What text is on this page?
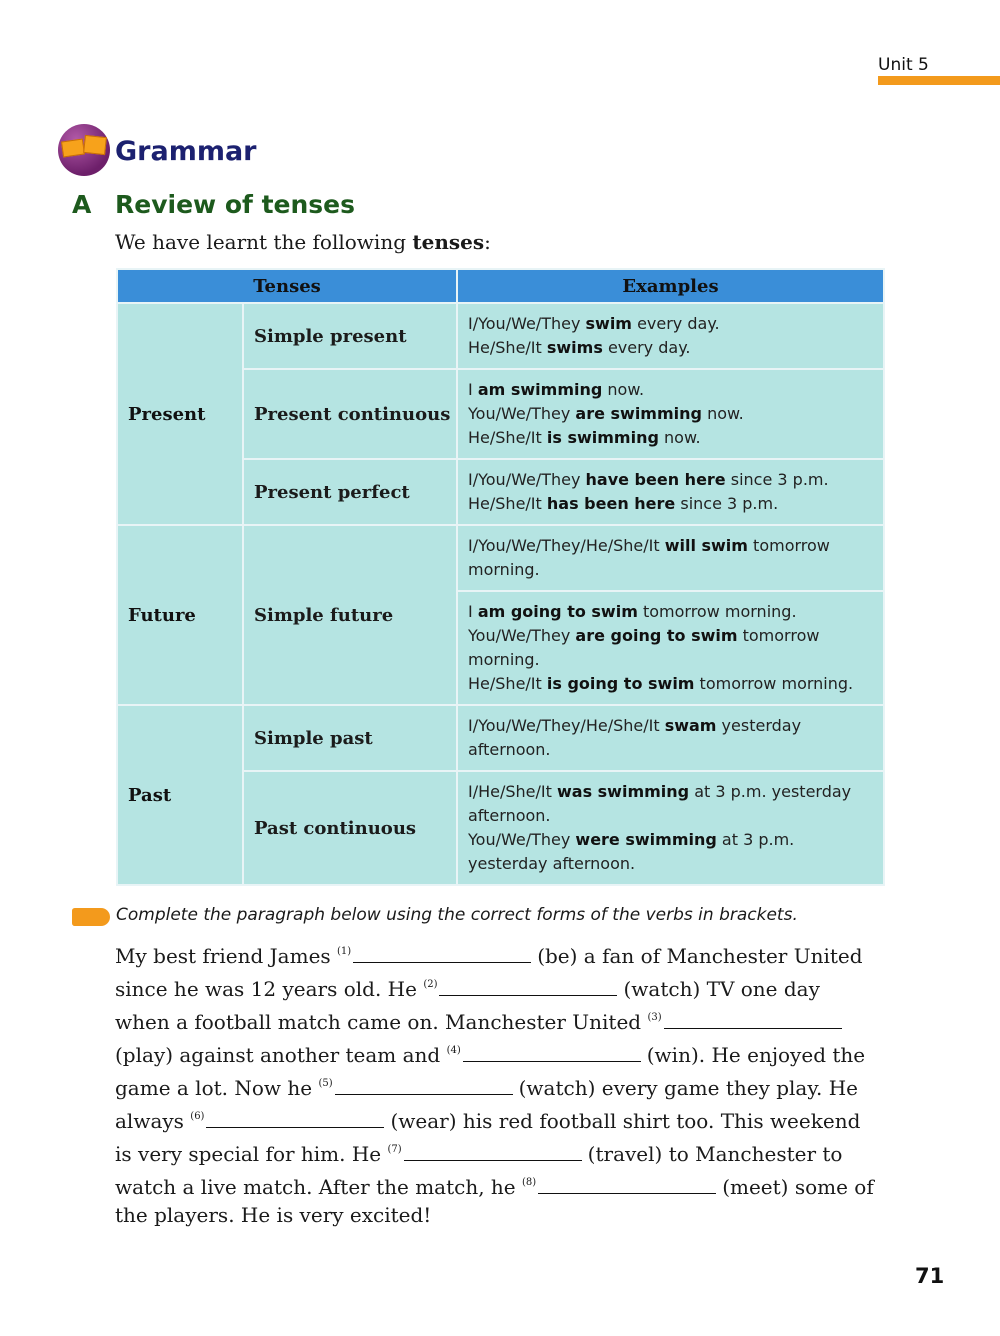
Unit 5
Grammar
A Review of tenses
We have learnt the following tenses:
Tenses		Examples
Present	Simple present	I/You/We/They swim every day.
He/She/It swims every day.

	Present continuous	I am swimming now.
You/We/They are swimming now.
He/She/It is swimming now.

	Present perfect	I/You/We/They have been here since 3 p.m.
He/She/It has been here since 3 p.m.

Future	Simple future	I/You/We/They/He/She/It will swim tomorrow morning.

		I am going to swim tomorrow morning.
You/We/They are going to swim tomorrow morning.
He/She/It is going to swim tomorrow morning.

Past	Simple past	I/You/We/They/He/She/It swam yesterday afternoon.

	Past continuous	I/He/She/It was swimming at 3 p.m. yesterday afternoon.
You/We/They were swimming at 3 p.m. yesterday afternoon.
Complete the paragraph below using the correct forms of the verbs in brackets.
My best friend James $^{(1)}$	(be) a fan of Manchester United
since he was 12 years old. He $^{(2)}$	(watch) TV one day
when a football match came on. Manchester United $^{(3)}$
(play) against another team and $^{(4)}$	(win). He enjoyed the
game a lot. Now he $^{(5)}$	(watch) every game they play. He
always $^{(6)}$	(wear) his red football shirt too. This weekend
is very special for him. He $^{(7)}$	(travel) to Manchester to
watch a live match. After the match, he $^{(8)}$	(meet) some of
the players. He is very excited!
71
